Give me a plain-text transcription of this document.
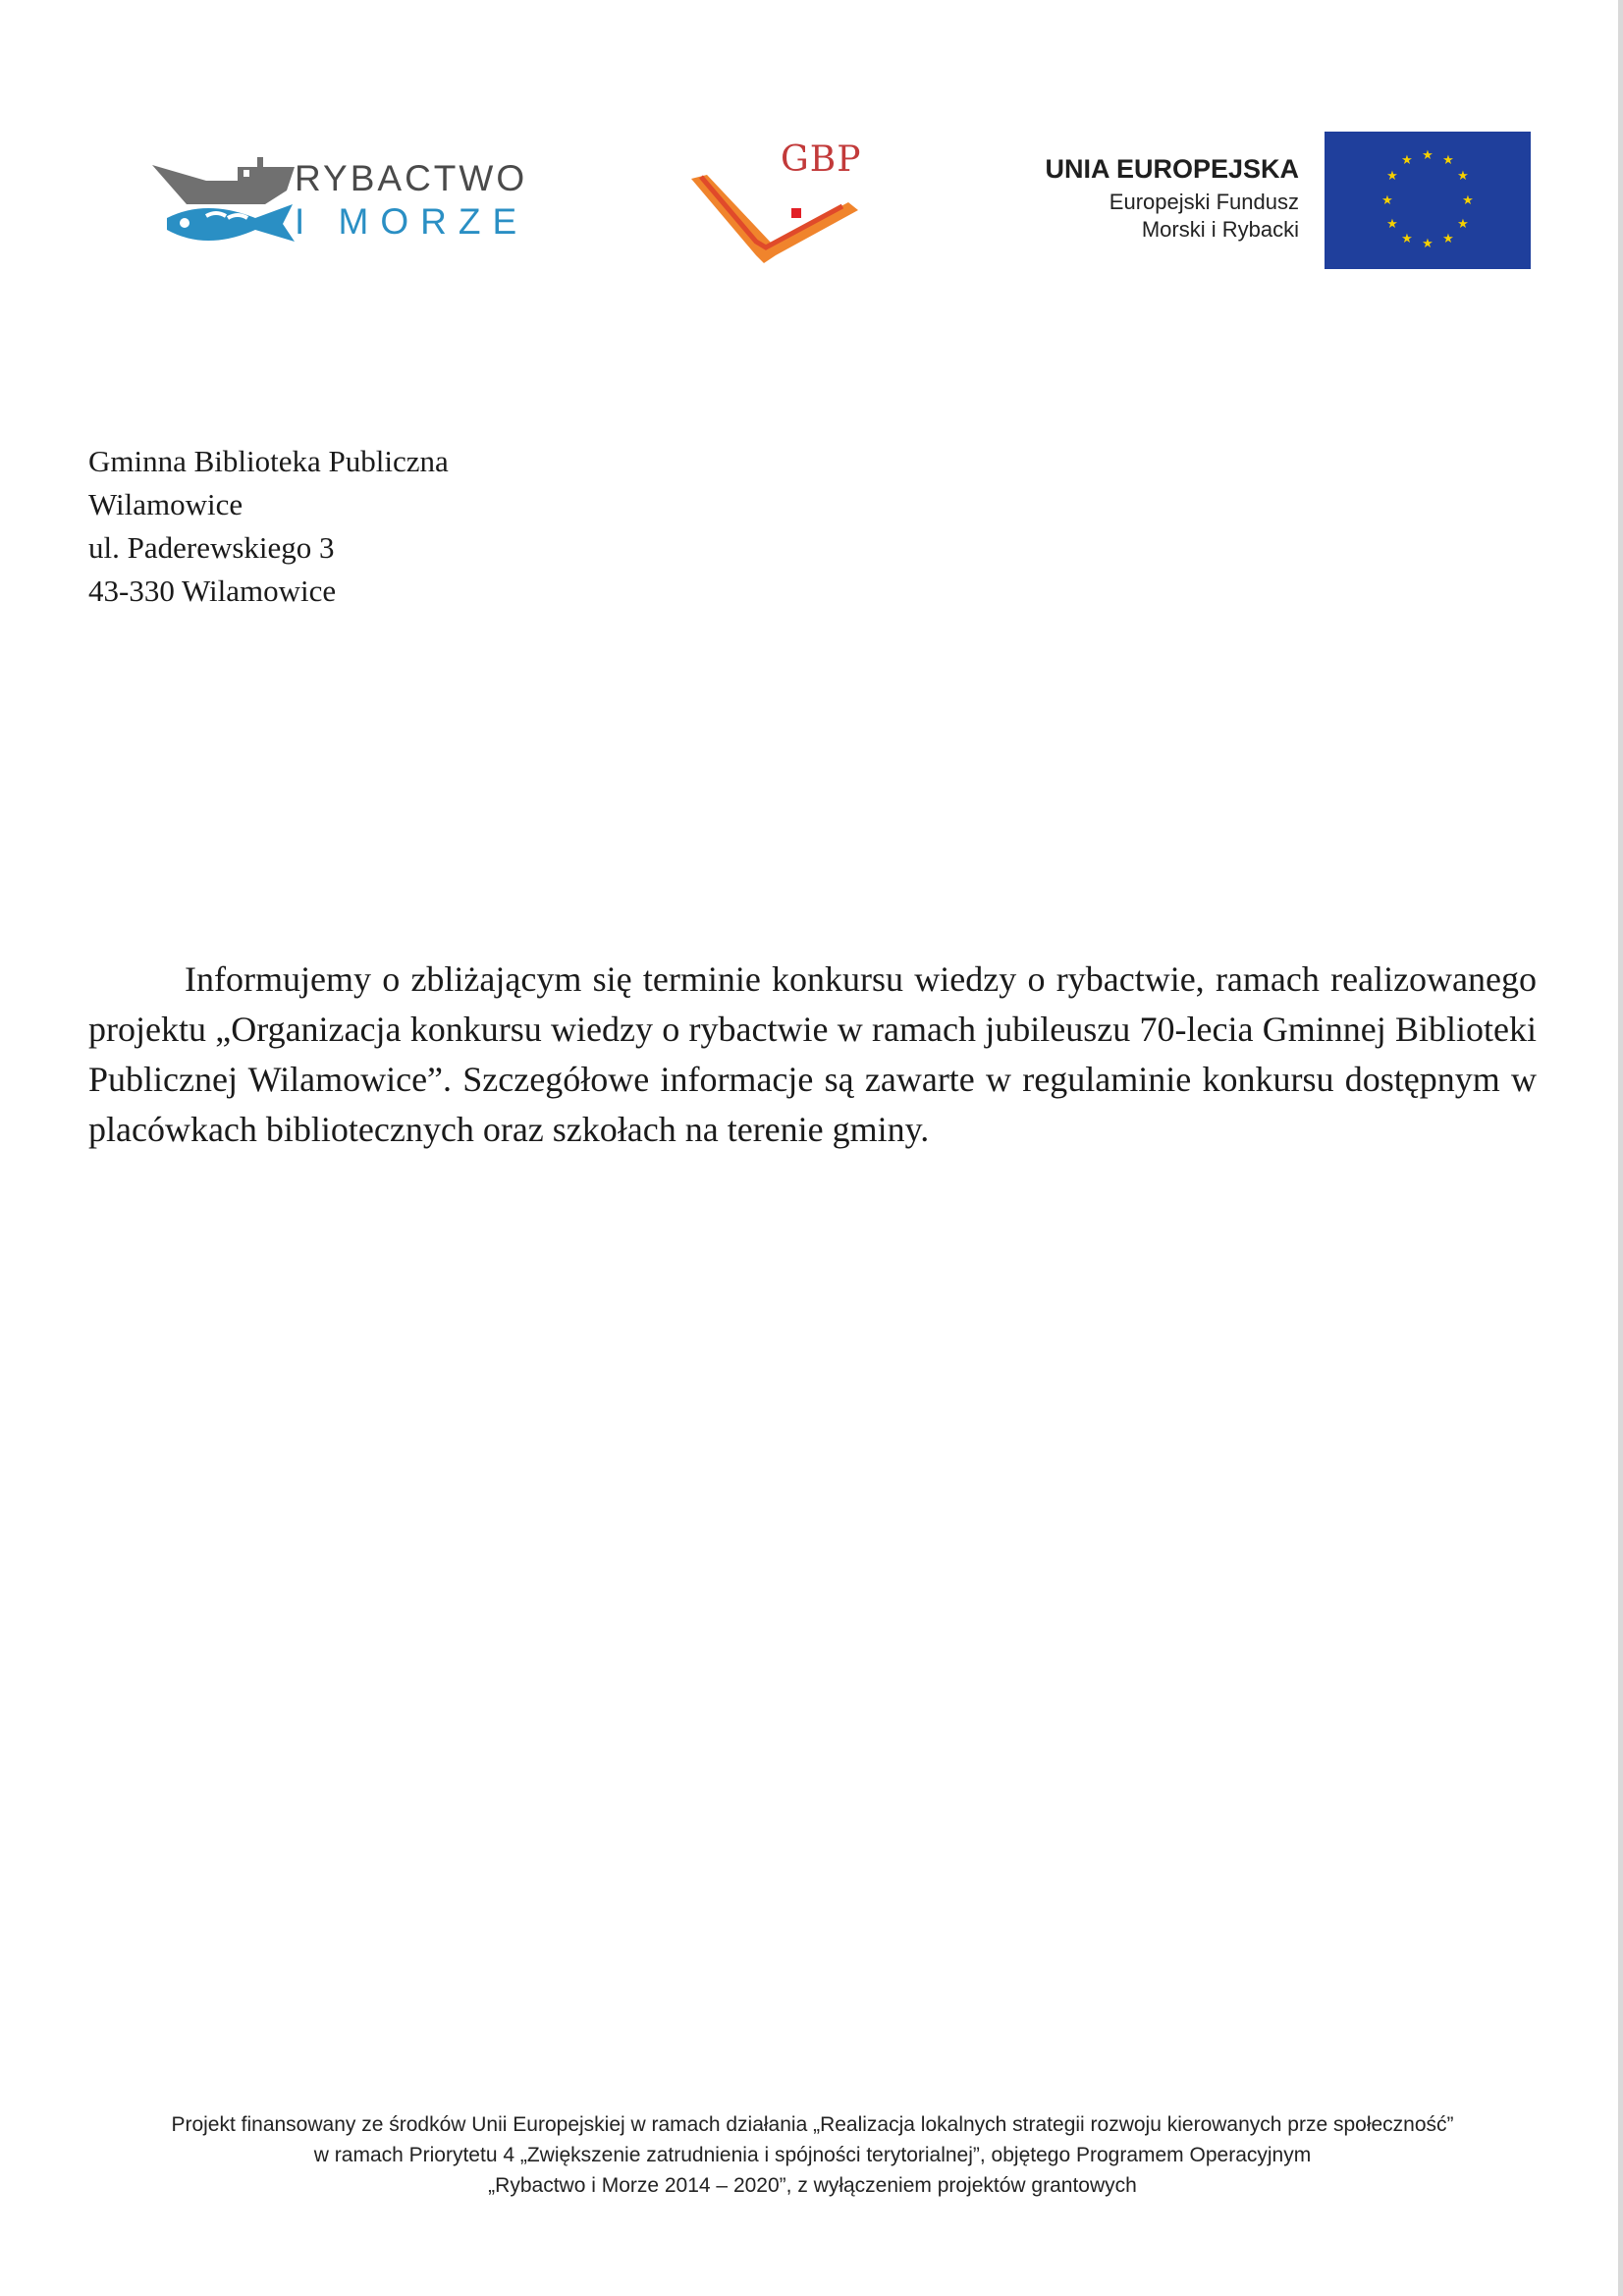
RYBACTWO
I MORZE
GBP	UNIA EUROPEJSKA
Europejski Fundusz
Morski i Rybacki
★ ★
★
★
★
★
★
★
★
★
★
★
Gminna Biblioteka Publiczna
Wilamowice
ul. Paderewskiego 3
43-330 Wilamowice
Informujemy o zbliżającym się terminie konkursu wiedzy o rybactwie, ramach realizowanego projektu „Organizacja konkursu wiedzy o rybactwie w ramach jubileuszu 70-lecia Gminnej Biblioteki Publicznej Wilamowice”. Szczegółowe informacje są zawarte w regulaminie konkursu dostępnym w placówkach bibliotecznych oraz szkołach na terenie gminy.
Projekt finansowany ze środków Unii Europejskiej w ramach działania „Realizacja lokalnych strategii rozwoju kierowanych prze społeczność”
w ramach Priorytetu 4 „Zwiększenie zatrudnienia i spójności terytorialnej”, objętego Programem Operacyjnym
„Rybactwo i Morze 2014 – 2020”, z wyłączeniem projektów grantowych
